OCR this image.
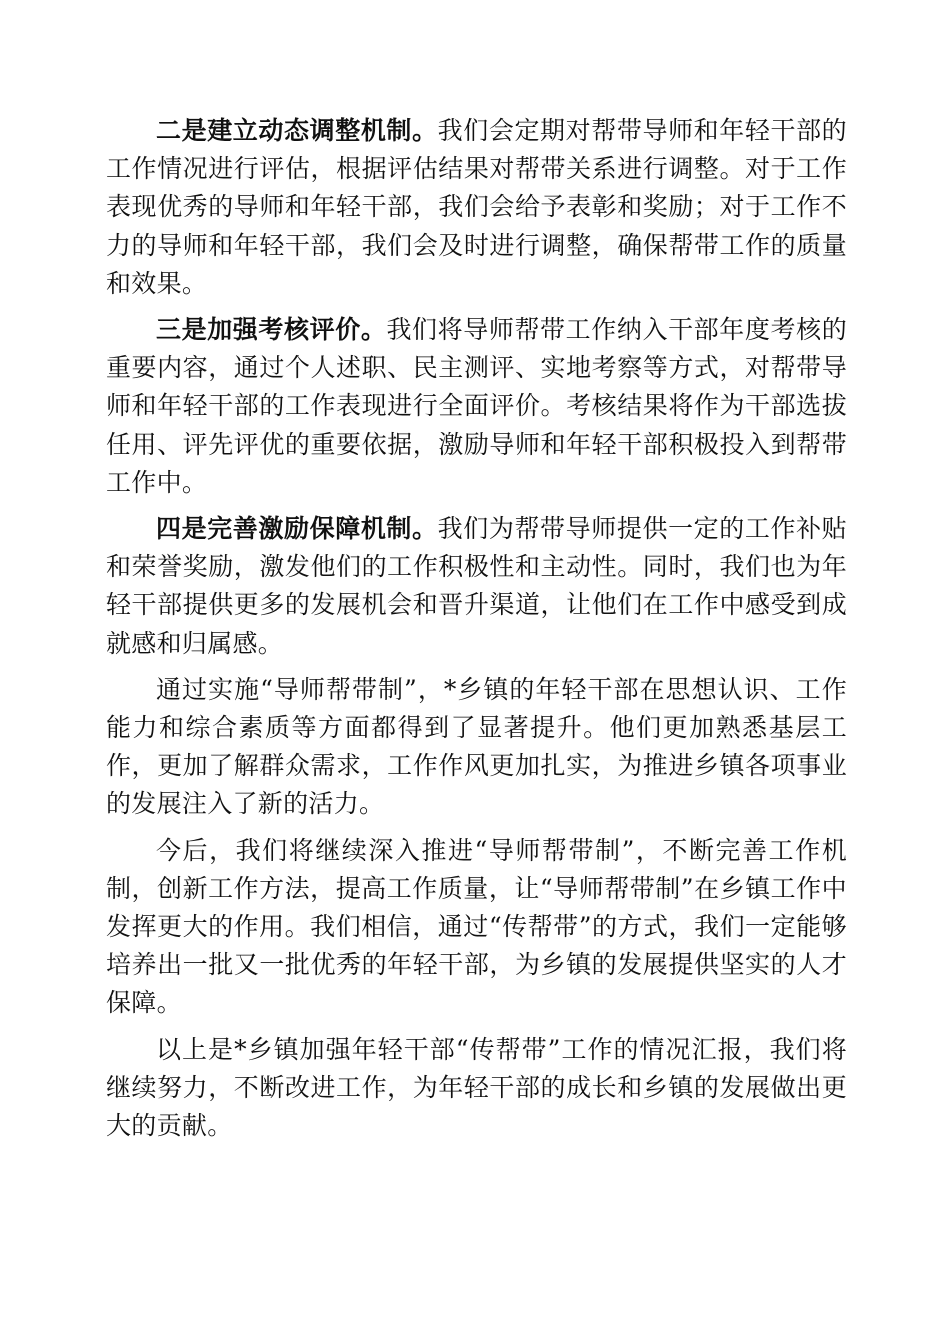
二是建立动态调整机制。我们会定期对帮带导师和年轻干部的工作情况进行评估，根据评估结果对帮带关系进行调整。对于工作表现优秀的导师和年轻干部，我们会给予表彰和奖励；对于工作不力的导师和年轻干部，我们会及时进行调整，确保帮带工作的质量和效果。

三是加强考核评价。我们将导师帮带工作纳入干部年度考核的重要内容，通过个人述职、民主测评、实地考察等方式，对帮带导师和年轻干部的工作表现进行全面评价。考核结果将作为干部选拔任用、评先评优的重要依据，激励导师和年轻干部积极投入到帮带工作中。

四是完善激励保障机制。我们为帮带导师提供一定的工作补贴和荣誉奖励，激发他们的工作积极性和主动性。同时，我们也为年轻干部提供更多的发展机会和晋升渠道，让他们在工作中感受到成就感和归属感。

通过实施“导师帮带制”，*乡镇的年轻干部在思想认识、工作能力和综合素质等方面都得到了显著提升。他们更加熟悉基层工作，更加了解群众需求，工作作风更加扎实，为推进乡镇各项事业的发展注入了新的活力。

今后，我们将继续深入推进“导师帮带制”，不断完善工作机制，创新工作方法，提高工作质量，让“导师帮带制”在乡镇工作中发挥更大的作用。我们相信，通过“传帮带”的方式，我们一定能够培养出一批又一批优秀的年轻干部，为乡镇的发展提供坚实的人才保障。

以上是*乡镇加强年轻干部“传帮带”工作的情况汇报，我们将继续努力，不断改进工作，为年轻干部的成长和乡镇的发展做出更大的贡献。
